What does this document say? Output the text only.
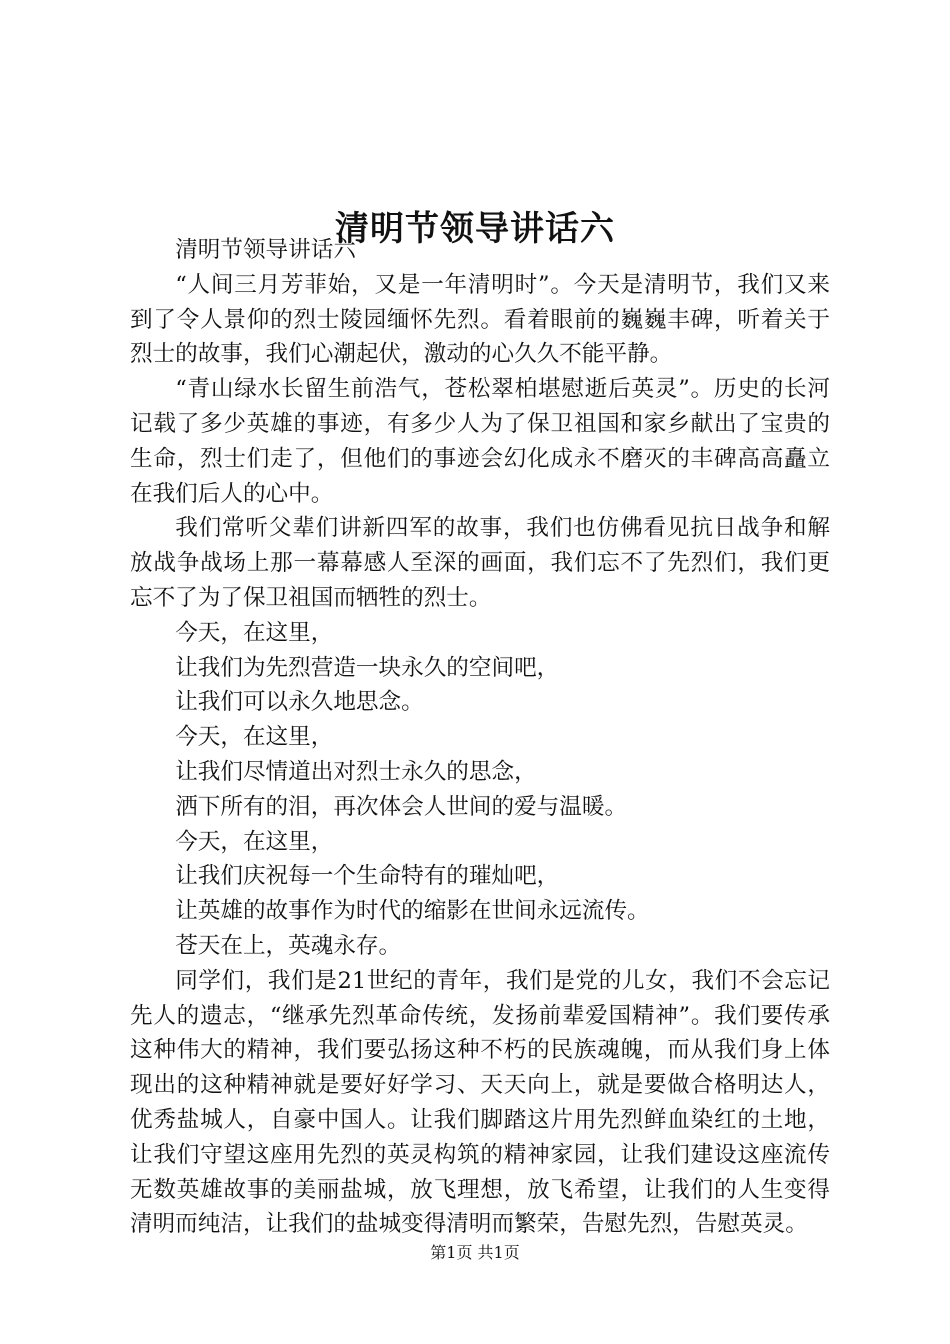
清明节领导讲话六

清明节领导讲话六

“人间三月芳菲始，又是一年清明时”。今天是清明节，我们又来到了令人景仰的烈士陵园缅怀先烈。看着眼前的巍巍丰碑，听着关于烈士的故事，我们心潮起伏，激动的心久久不能平静。

“青山绿水长留生前浩气，苍松翠柏堪慰逝后英灵”。历史的长河记载了多少英雄的事迹，有多少人为了保卫祖国和家乡献出了宝贵的生命，烈士们走了，但他们的事迹会幻化成永不磨灭的丰碑高高矗立在我们后人的心中。

我们常听父辈们讲新四军的故事，我们也仿佛看见抗日战争和解放战争战场上那一幕幕感人至深的画面，我们忘不了先烈们，我们更忘不了为了保卫祖国而牺牲的烈士。

今天，在这里，

让我们为先烈营造一块永久的空间吧，

让我们可以永久地思念。

今天，在这里，

让我们尽情道出对烈士永久的思念，

洒下所有的泪，再次体会人世间的爱与温暖。

今天，在这里，

让我们庆祝每一个生命特有的璀灿吧，

让英雄的故事作为时代的缩影在世间永远流传。

苍天在上，英魂永存。

同学们，我们是21世纪的青年，我们是党的儿女，我们不会忘记先人的遗志，“继承先烈革命传统，发扬前辈爱国精神”。我们要传承这种伟大的精神，我们要弘扬这种不朽的民族魂魄，而从我们身上体现出的这种精神就是要好好学习、天天向上，就是要做合格明达人，优秀盐城人，自豪中国人。让我们脚踏这片用先烈鲜血染红的土地，让我们守望这座用先烈的英灵构筑的精神家园，让我们建设这座流传无数英雄故事的美丽盐城，放飞理想，放飞希望，让我们的人生变得清明而纯洁，让我们的盐城变得清明而繁荣，告慰先烈，告慰英灵。

第1页 共1页
